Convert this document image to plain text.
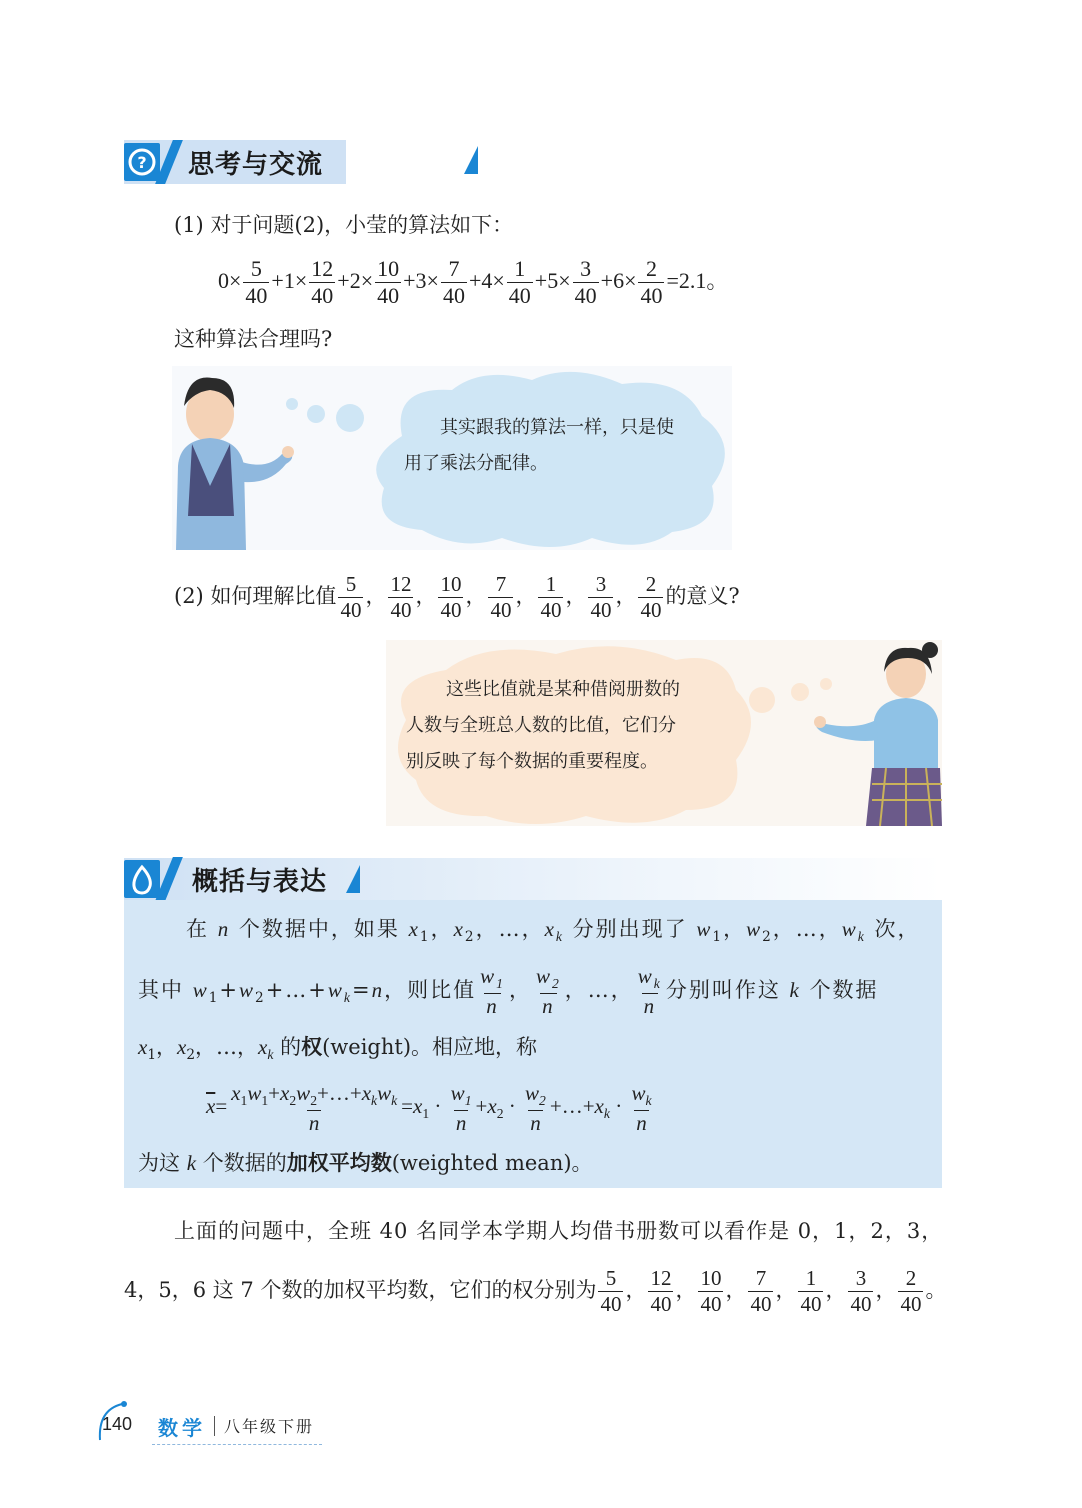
? 思考与交流
(1) 对于问题(2)，小莹的算法如下：
$0\times \frac{5}{40} +1\times \frac{12}{40} +2\times \frac{10}{40} +3\times \frac{7}{40} +4\times \frac{1}{40} +5\times \frac{3}{40} +6\times \frac{2}{40} =2.1$。
这种算法合理吗?
其实跟我的算法一样，只是使
用了乘法分配律。
(2) 如何理解比值 $\frac{5}{40}$ ， $\frac{12}{40}$ ， $\frac{10}{40}$ ， $\frac{7}{40}$ ， $\frac{1}{40}$ ， $\frac{3}{40}$ ， $\frac{2}{40}$ 的意义?
这些比值就是某种借阅册数的
人数与全班总人数的比值，它们分
别反映了每个数据的重要程度。
概括与表达
在 n 个数据中，如果 $x_1$，$x_2$，…，$x_k$ 分别出现了 $w_1$，$w_2$，…，$w_k$ 次，
其中 $w_1+w_2+\dots+w_k=n$，则比值 $\frac{w_1}{n}$ ， $\frac{w_2}{n}$ ，…， $\frac{w_k}{n}$ 分别叫作这 k 个数据
$x_1$，$x_2$，…，$x_k$ 的权(weight)。相应地，称
$\overline{x}= \frac{x_1w_1+x_2w_2+\dots+x_kw_k}{n} =x_1 \cdot \frac{w_1}{n} +x_2 \cdot \frac{w_2}{n}$ $+\dots+x_k \cdot \frac{w_k}{n}$
为这 k 个数据的加权平均数(weighted mean)。
上面的问题中，全班 40 名同学本学期人均借书册数可以看作是 0，1，2，3，
4，5，6 这 7 个数的加权平均数，它们的权分别为 $\frac{5}{40}$ ， $\frac{12}{40}$ ， $\frac{10}{40}$ ， $\frac{7}{40}$ ， $\frac{1}{40}$ ， $\frac{3}{40}$ ， $\frac{2}{40}$ 。
140 数学 八年级下册
